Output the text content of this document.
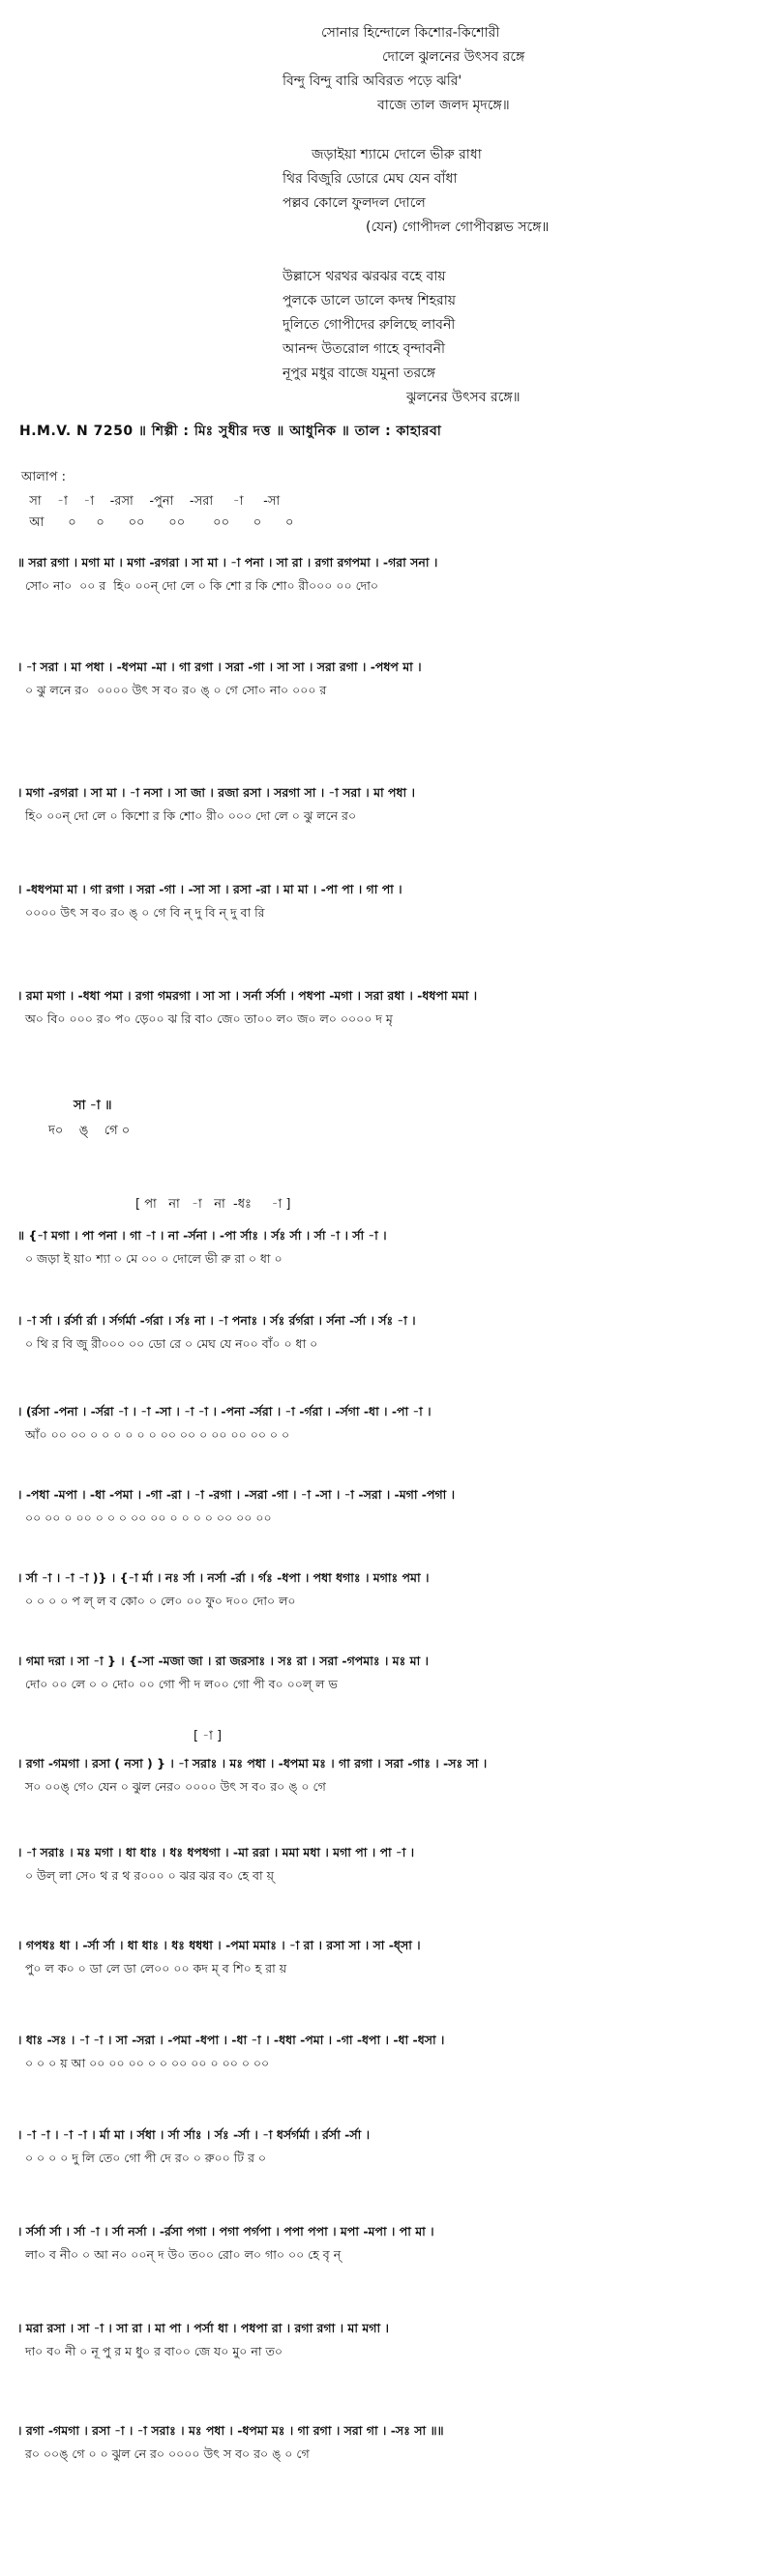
সোনার হিন্দোলে কিশোর-কিশোরী
দোলে ঝুলনের উৎসব রঙ্গে
বিন্দু বিন্দু বারি অবিরত পড়ে ঝরি'
বাজে তাল জলদ মৃদঙ্গে॥
জড়াইয়া শ্যামে দোলে ভীরু রাধা
থির বিজুরি ডোরে মেঘ যেন বাঁধা
পল্লব কোলে ফুলদল দোলে
(যেন) গোপীদল গোপীবল্লভ সঙ্গে॥
উল্লাসে থরথর ঝরঝর বহে বায়
পুলকে ডালে ডালে কদম্ব শিহরায়
দুলিতে গোপীদের রুলিছে লাবনী
আনন্দ উতরোল গাহে বৃন্দাবনী
নূপুর মধুর বাজে যমুনা তরঙ্গে
ঝুলনের উৎসব রঙ্গে॥
H.M.V. N 7250 ॥ শিল্পী : মিঃ সুধীর দত্ত ॥ আধুনিক ॥ তাল : কাহারবা
আলাপ :
সা    -া    -া    -রসা    -পুনা    -সরা     -া     -সা
আ      ০     ০      ০০      ০০       ০০      ০      ০
॥ সরা রগা । মগা মা । মগা -রগরা । সা মা । -া পনা । সা রা । রগা রগপমা । -গরা সনা ।
সো০ না০  ০০ র  হি০ ০০ন্ দো লে ০ কি শো র কি শো০ রী০০০ ০০ দো০
। -া সরা । মা পধা । -ধপমা -মা । গা রগা । সরা -গা । সা সা । সরা রগা । -পধপ মা ।
০ ঝু লনে র০  ০০০০ উৎ স ব০ র০ ঙ্ ০ গে সো০ না০ ০০০ র
। মগা -রগরা । সা মা । -া নসা । সা জা । রজা রসা । সরগা সা । -া সরা । মা পধা ।
হি০ ০০ন্ দো লে ০ কিশো র কি শো০ রী০ ০০০ দো লে ০ ঝু লনে র০
। -ধধপমা মা । গা রগা । সরা -গা । -সা সা । রসা -রা । মা মা । -পা পা । গা পা ।
০০০০ উৎ স ব০ র০ ঙ্ ০ গে বি ন্ দু বি ন্ দু বা রি
। রমা মগা । -ধধা পমা । রগা গমরগা । সা সা । সর্না র্সর্সা । পধপা -মগা । সরা রধা । -ধধপা মমা ।
অ০ বি০ ০০০ র০ প০ ড়ে০০ ঝ রি বা০ জে০ তা০০ ল০ জ০ ল০ ০০০০ দ মৃ
সা -া ॥
দ০    ঙ্    গে ০
[ পা   না   -া   না  -ধঃ     -া ]
॥ {-া মগা । পা পনা । গা -া । না -র্সনা । -পা র্সাঃ । র্সঃ র্সা । র্সা -া । র্সা -া ।
০ জড়া ই য়া০ শ্যা ০ মে ০০ ০ দোলে ভী রু রা ০ ধা ০
। -া র্সা । র্রর্সা র্রা । র্সর্গর্মা -র্গরা । র্সঃ না । -া পনাঃ । র্সঃ র্রর্গরা । র্সনা -র্সা । র্সঃ -া ।
০ থি র বি জু রী০০০ ০০ ডো রে ০ মেঘ যে ন০০ বাঁ০ ০ ধা ০
। (র্রসা -পনা । -র্সরা -া । -া -সা । -া -া । -পনা -র্সরা । -া -র্গরা । -র্সগা -ধা । -পা -া ।
আঁ০ ০০ ০০ ০ ০ ০ ০ ০ ০ ০০ ০০ ০ ০০ ০০ ০০ ০ ০
। -পধা -মপা । -ধা -পমা । -গা -রা । -া -রগা । -সরা -গা । -া -সা । -া -সরা । -মগা -পগা ।
০০ ০০ ০ ০০ ০ ০ ০ ০০ ০০ ০ ০ ০ ০ ০০ ০০ ০০
। র্সা -া । -া -া )} । {-া র্মা । নঃ র্সা । নর্সা -র্রা । র্গঃ -ধপা । পধা ধগাঃ । মগাঃ পমা ।
০ ০ ০ ০ প ল্ ল ব কো০ ০ লে০ ০০ ফু০ দ০০ দো০ ল০
। গমা দরা । সা -া } । {-সা -মজা জা । রা জরসাঃ । সঃ রা । সরা -গপমাঃ । মঃ মা ।
দো০ ০০ লে ০ ০ দো০ ০০ গো পী দ ল০০ গো পী ব০ ০০ল্ ল ভ
[ -া ]
। রগা -গমগা । রসা ( নসা ) } । -া সরাঃ । মঃ পধা । -ধপমা মঃ । গা রগা । সরা -গাঃ । -সঃ সা ।
স০ ০০ঙ্ গে০ যেন ০ ঝুল নের০ ০০০০ উৎ স ব০ র০ ঙ্ ০ গে
। -া সরাঃ । মঃ মগা । ধা ধাঃ । ধঃ ধপধগা । -মা ররা । মমা মধা । মগা পা । পা -া ।
০ উল্ লা সে০ থ র থ র০০০ ০ ঝর ঝর ব০ হে বা য়্
। গপধঃ ধা । -র্সা র্সা । ধা ধাঃ । ধঃ ধধধা । -পমা মমাঃ । -া রা । রসা সা । সা -ধ্সা ।
পু০ ল ক০ ০ ডা লে ডা লে০০ ০০ কদ ম্ ব শি০ হ রা য়
। ধাঃ -সঃ । -া -া । সা -সরা । -পমা -ধপা । -ধা -া । -ধধা -পমা । -গা -ধপা । -ধা -ধসা ।
০ ০ ০ য় আ ০০ ০০ ০০ ০ ০ ০০ ০০ ০ ০০ ০ ০০
। -া -া । -া -া । র্মা মা । র্সধা । র্সা র্সাঃ । র্সঃ -র্সা । -া ধর্সর্গর্মা । র্রর্সা -র্সা ।
০ ০ ০ ০ দু লি তে০ গো পী দে র০ ০ রু০০ টি র ০
। র্সর্সা র্সা । র্সা -া । র্সা নর্সা । -র্রসা পগা । পগা পর্গপা । পপা পপা । মপা -মপা । পা মা ।
লা০ ব নী০ ০ আ ন০ ০০ন্ দ উ০ ত০০ রো০ ল০ গা০ ০০ হে বৃ ন্
। মরা রসা । সা -া । সা রা । মা পা । পর্সা ধা । পধপা রা । রগা রগা । মা মগা ।
দা০ ব০ নী ০ নূ পু র ম ধু০ র বা০০ জে য০ মু০ না ত০
। রগা -গমগা । রসা -া । -া সরাঃ । মঃ পধা । -ধপমা মঃ । গা রগা । সরা গা । -সঃ সা ॥॥
র০ ০০ঙ্ গে ০ ০ ঝুল নে র০ ০০০০ উৎ স ব০ র০ ঙ্ ০ গে
